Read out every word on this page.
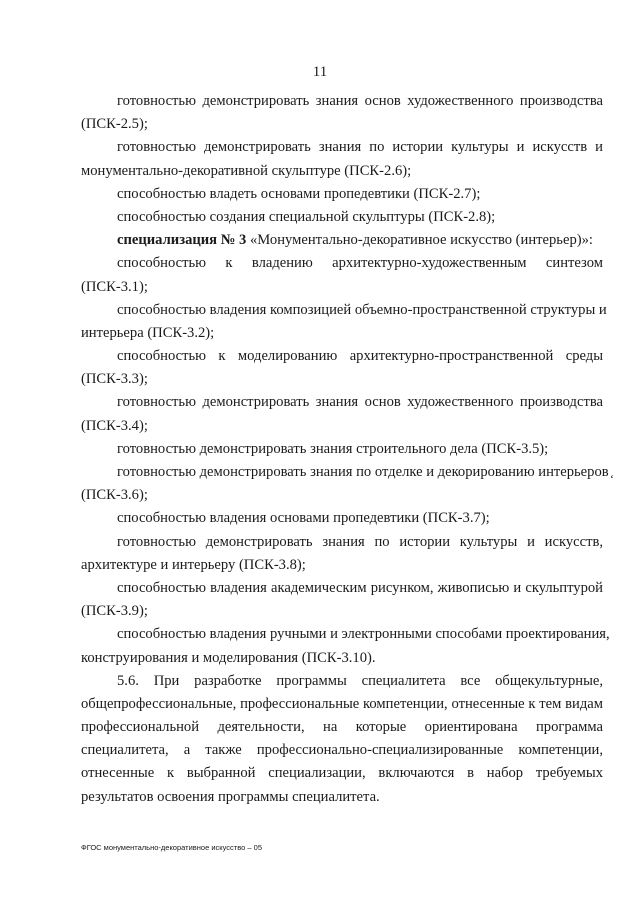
11
готовностью демонстрировать знания основ художественного производства
(ПСК-2.5);
готовностью демонстрировать знания по истории культуры и искусств и
монументально-декоративной скульптуре (ПСК-2.6);
способностью владеть основами пропедевтики (ПСК-2.7);
способностью создания специальной скульптуры (ПСК-2.8);
специализация № 3 «Монументально-декоративное искусство (интерьер)»:
способностью к владению архитектурно-художественным синтезом
(ПСК-3.1);
способностью владения композицией объемно-пространственной структуры и
интерьера (ПСК-3.2);
способностью к моделированию архитектурно-пространственной среды
(ПСК-3.3);
готовностью демонстрировать знания основ художественного производства
(ПСК-3.4);
готовностью демонстрировать знания строительного дела (ПСК-3.5);
готовностью демонстрировать знания по отделке и декорированию интерьеров
(ПСК-3.6);
способностью владения основами пропедевтики (ПСК-3.7);
готовностью демонстрировать знания по истории культуры и искусств,
архитектуре и интерьеру (ПСК-3.8);
способностью владения академическим рисунком, живописью и скульптурой
(ПСК-3.9);
способностью владения ручными и электронными способами проектирования,
конструирования и моделирования (ПСК-3.10).
5.6. При разработке программы специалитета все общекультурные,
общепрофессиональные, профессиональные компетенции, отнесенные к тем видам
профессиональной деятельности, на которые ориентирована программа
специалитета, а также профессионально-специализированные компетенции,
отнесенные к выбранной специализации, включаются в набор требуемых
результатов освоения программы специалитета.
ʻ
ФГОС монументально-декоративное искусство – 05
